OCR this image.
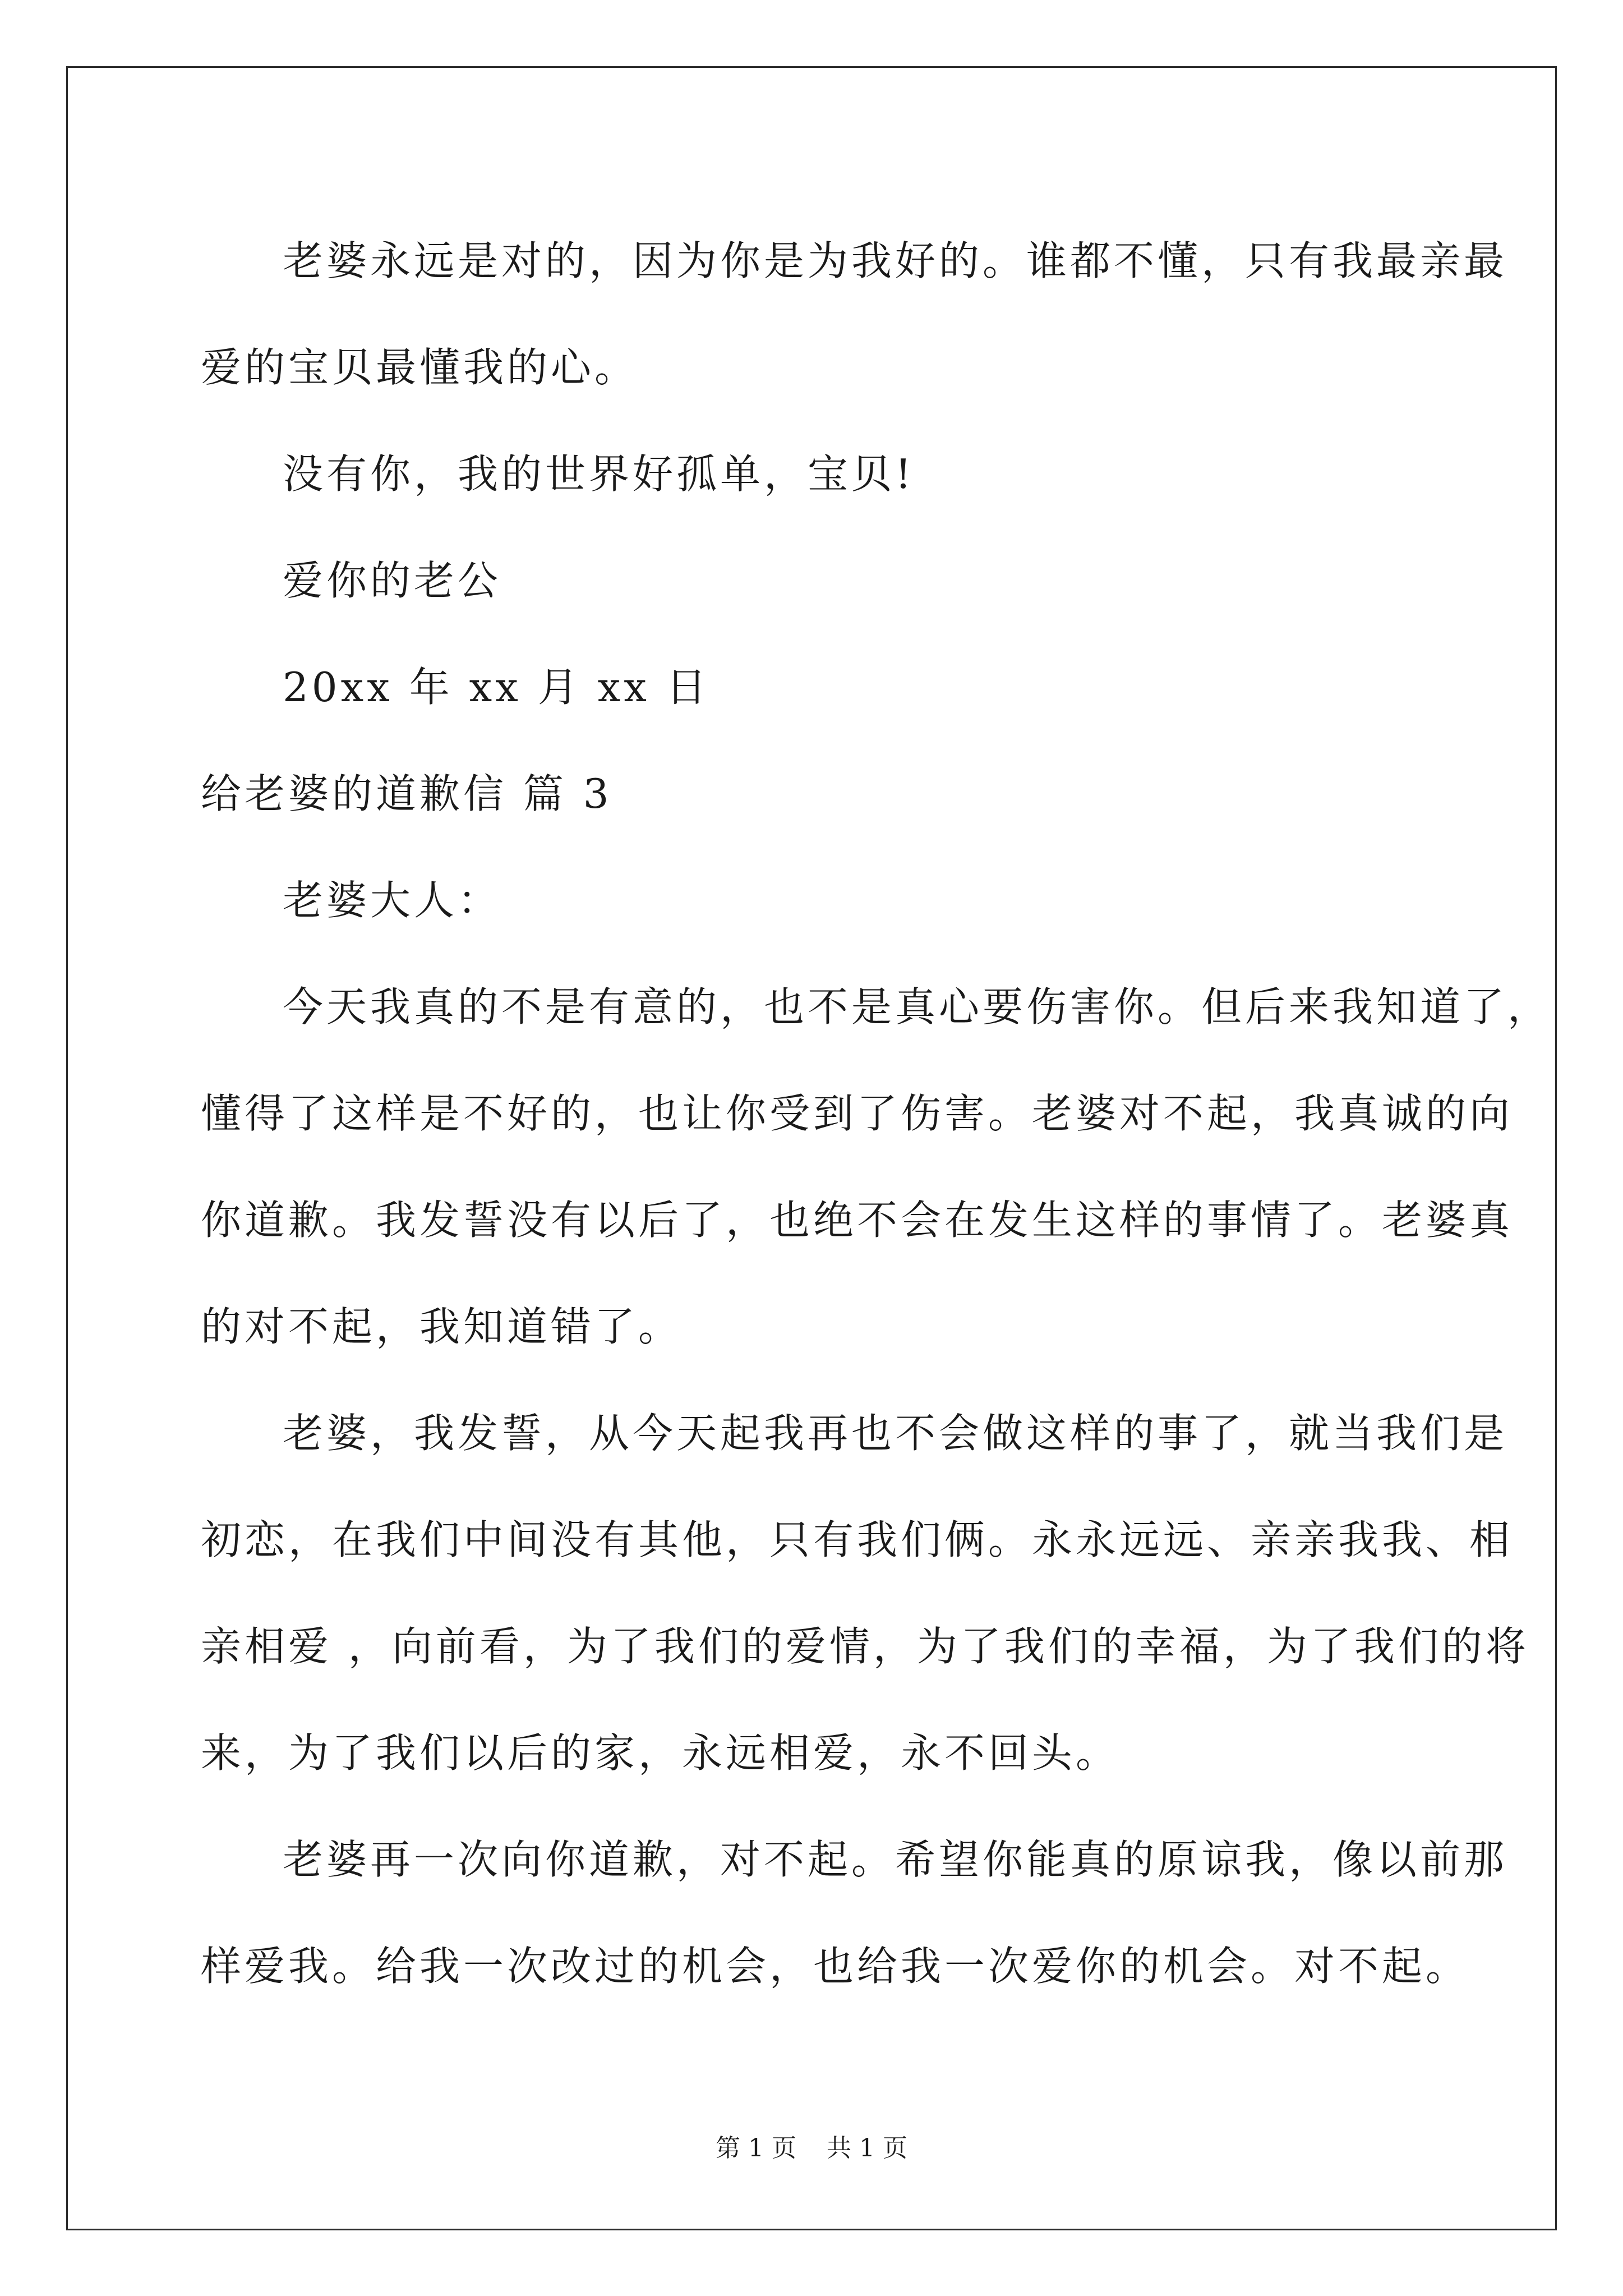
老婆永远是对的，因为你是为我好的。谁都不懂，只有我最亲最
爱的宝贝最懂我的心。
没有你，我的世界好孤单，宝贝!
爱你的老公
20xx 年 xx 月 xx 日
给老婆的道歉信 篇 3
老婆大人：
今天我真的不是有意的，也不是真心要伤害你。但后来我知道了，
懂得了这样是不好的，也让你受到了伤害。老婆对不起，我真诚的向
你道歉。我发誓没有以后了，也绝不会在发生这样的事情了。老婆真
的对不起，我知道错了。
老婆，我发誓，从今天起我再也不会做这样的事了，就当我们是
初恋，在我们中间没有其他，只有我们俩。永永远远、亲亲我我、相
亲相爱 ，向前看，为了我们的爱情，为了我们的幸福，为了我们的将
来，为了我们以后的家，永远相爱，永不回头。
老婆再一次向你道歉，对不起。希望你能真的原谅我，像以前那
样爱我。给我一次改过的机会，也给我一次爱你的机会。对不起。
第 1 页 共 1 页
